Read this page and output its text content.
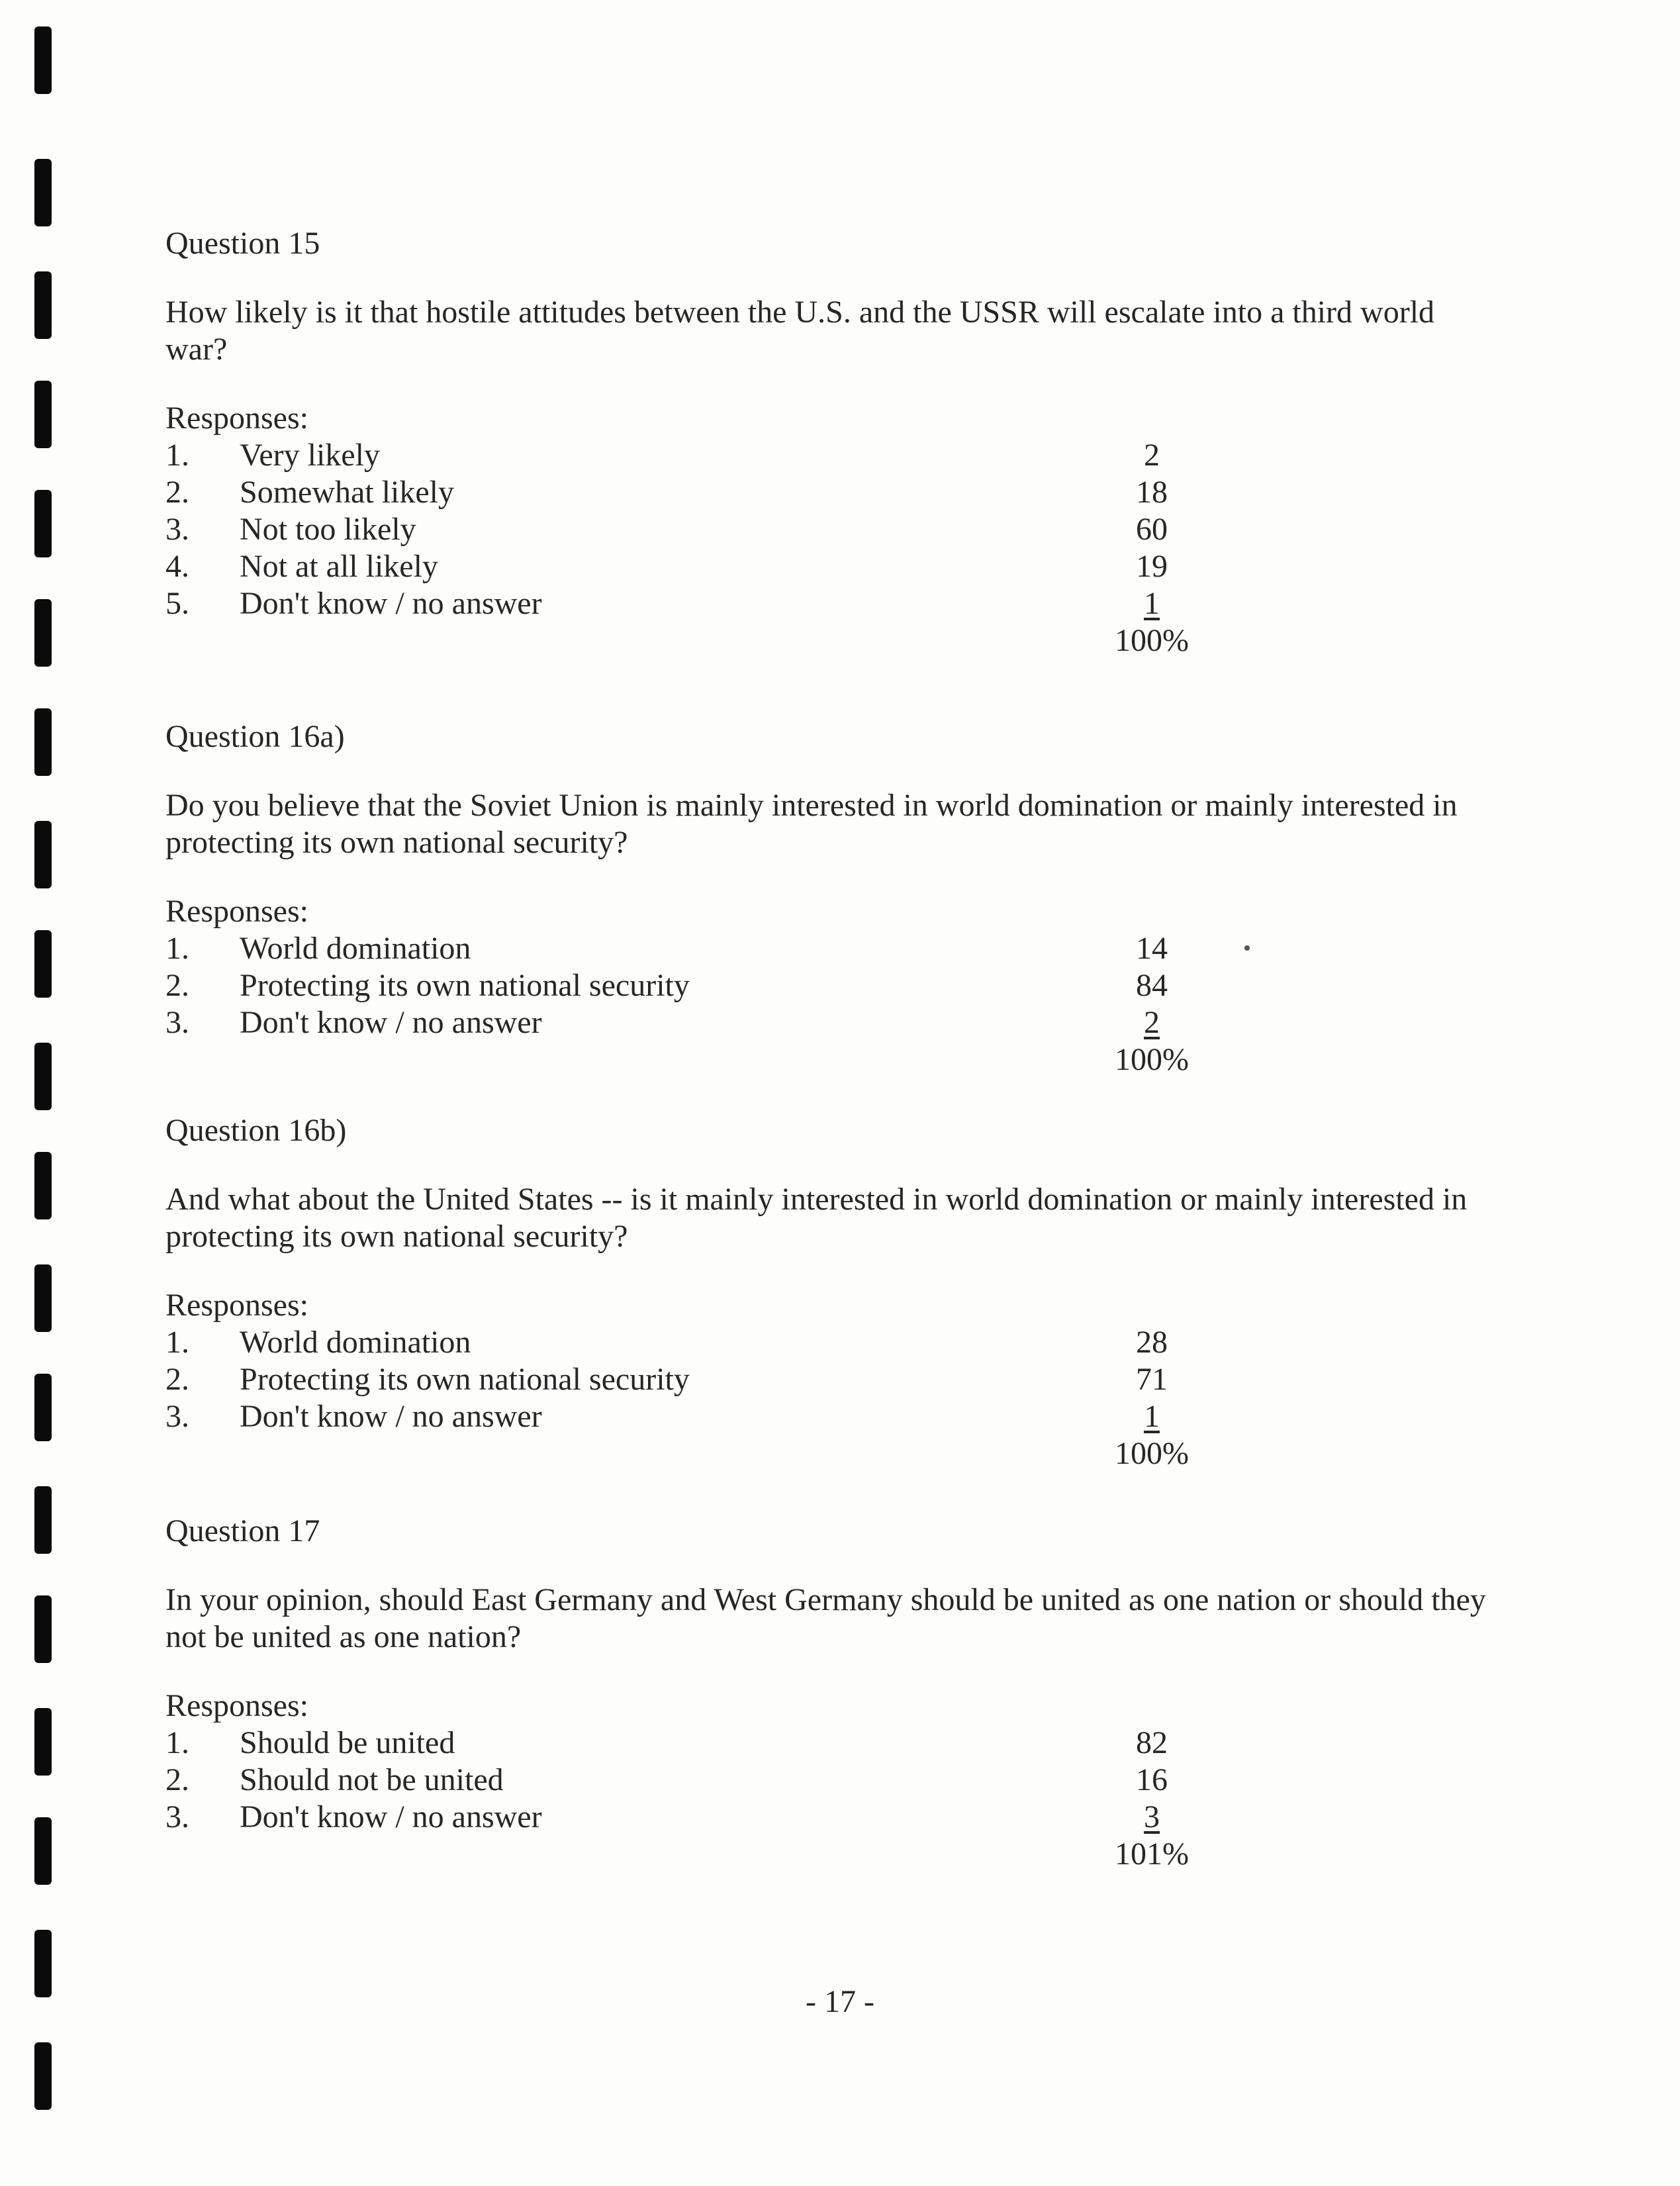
Question 15
How likely is it that hostile attitudes between the U.S. and the USSR will escalate into a third world war?
Responses:
1. Very likely	2
2. Somewhat likely	18
3. Not too likely	60
4. Not at all likely	19
5. Don't know / no answer	1
100%
Question 16a)
Do you believe that the Soviet Union is mainly interested in world domination or mainly interested in protecting its own national security?
Responses:
1. World domination	14
2. Protecting its own national security	84
3. Don't know / no answer	2
100%
Question 16b)
And what about the United States -- is it mainly interested in world domination or mainly interested in protecting its own national security?
Responses:
1. World domination	28
2. Protecting its own national security	71
3. Don't know / no answer	1
100%
Question 17
In your opinion, should East Germany and West Germany should be united as one nation or should they not be united as one nation?
Responses:
1. Should be united	82
2. Should not be united	16
3. Don't know / no answer	3
101%
- 17 -
